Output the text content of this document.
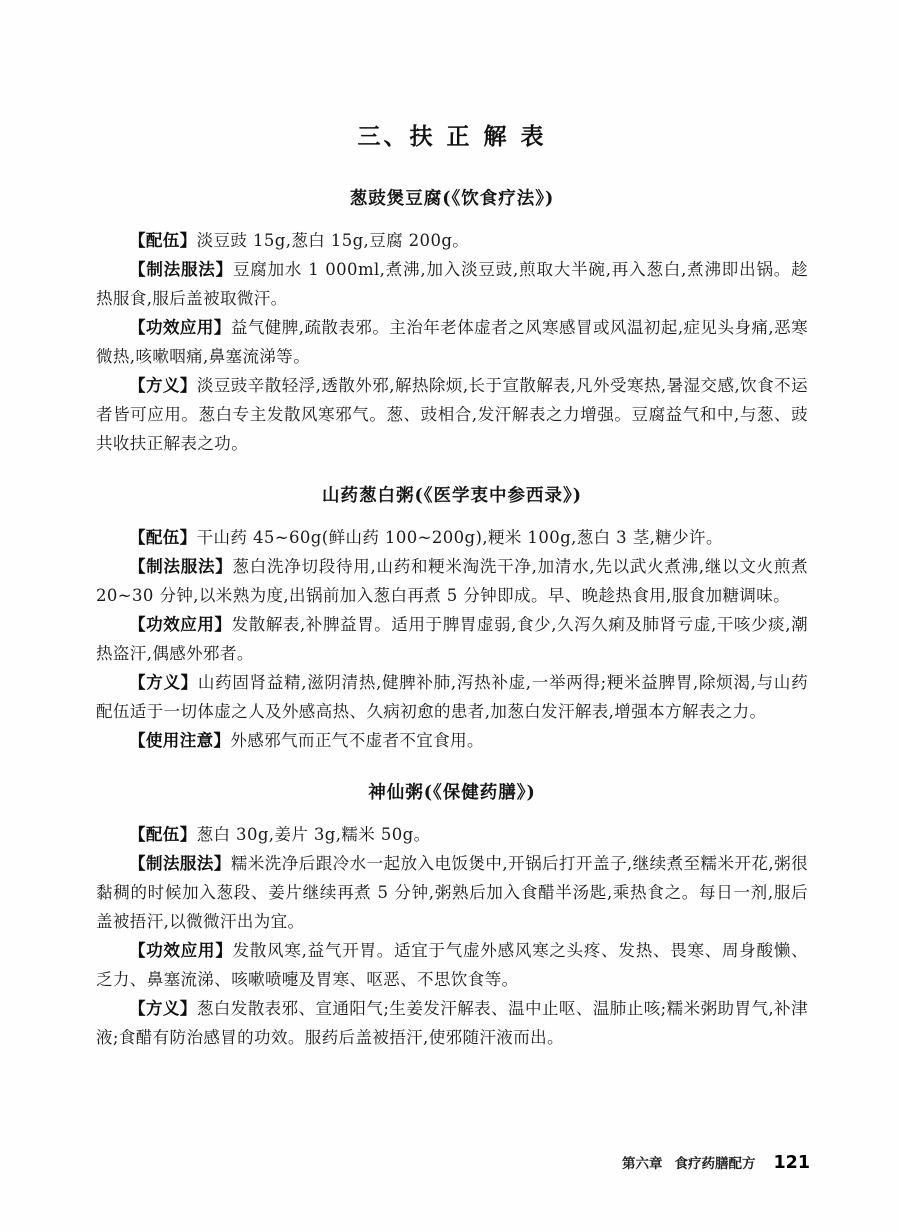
三、扶 正 解 表
葱豉煲豆腐(《饮食疗法》)

【配伍】淡豆豉 15g,葱白 15g,豆腐 200g。

【制法服法】豆腐加水 1 000ml,煮沸,加入淡豆豉,煎取大半碗,再入葱白,煮沸即出锅。趁热服食,服后盖被取微汗。

【功效应用】益气健脾,疏散表邪。主治年老体虚者之风寒感冒或风温初起,症见头身痛,恶寒微热,咳嗽咽痛,鼻塞流涕等。

【方义】淡豆豉辛散轻浮,透散外邪,解热除烦,长于宣散解表,凡外受寒热,暑湿交感,饮食不运者皆可应用。葱白专主发散风寒邪气。葱、豉相合,发汗解表之力增强。豆腐益气和中,与葱、豉共收扶正解表之功。

山药葱白粥(《医学衷中参西录》)

【配伍】干山药 45~60g(鲜山药 100~200g),粳米 100g,葱白 3 茎,糖少许。

【制法服法】葱白洗净切段待用,山药和粳米淘洗干净,加清水,先以武火煮沸,继以文火煎煮 20~30 分钟,以米熟为度,出锅前加入葱白再煮 5 分钟即成。早、晚趁热食用,服食加糖调味。

【功效应用】发散解表,补脾益胃。适用于脾胃虚弱,食少,久泻久痢及肺肾亏虚,干咳少痰,潮热盗汗,偶感外邪者。

【方义】山药固肾益精,滋阴清热,健脾补肺,泻热补虚,一举两得;粳米益脾胃,除烦渴,与山药配伍适于一切体虚之人及外感高热、久病初愈的患者,加葱白发汗解表,增强本方解表之力。

【使用注意】外感邪气而正气不虚者不宜食用。

神仙粥(《保健药膳》)

【配伍】葱白 30g,姜片 3g,糯米 50g。

【制法服法】糯米洗净后跟冷水一起放入电饭煲中,开锅后打开盖子,继续煮至糯米开花,粥很黏稠的时候加入葱段、姜片继续再煮 5 分钟,粥熟后加入食醋半汤匙,乘热食之。每日一剂,服后盖被捂汗,以微微汗出为宜。

【功效应用】发散风寒,益气开胃。适宜于气虚外感风寒之头疼、发热、畏寒、周身酸懒、乏力、鼻塞流涕、咳嗽喷嚏及胃寒、呕恶、不思饮食等。

【方义】葱白发散表邪、宣通阳气;生姜发汗解表、温中止呕、温肺止咳;糯米粥助胃气,补津液;食醋有防治感冒的功效。服药后盖被捂汗,使邪随汗液而出。

第六章 食疗药膳配方 121
